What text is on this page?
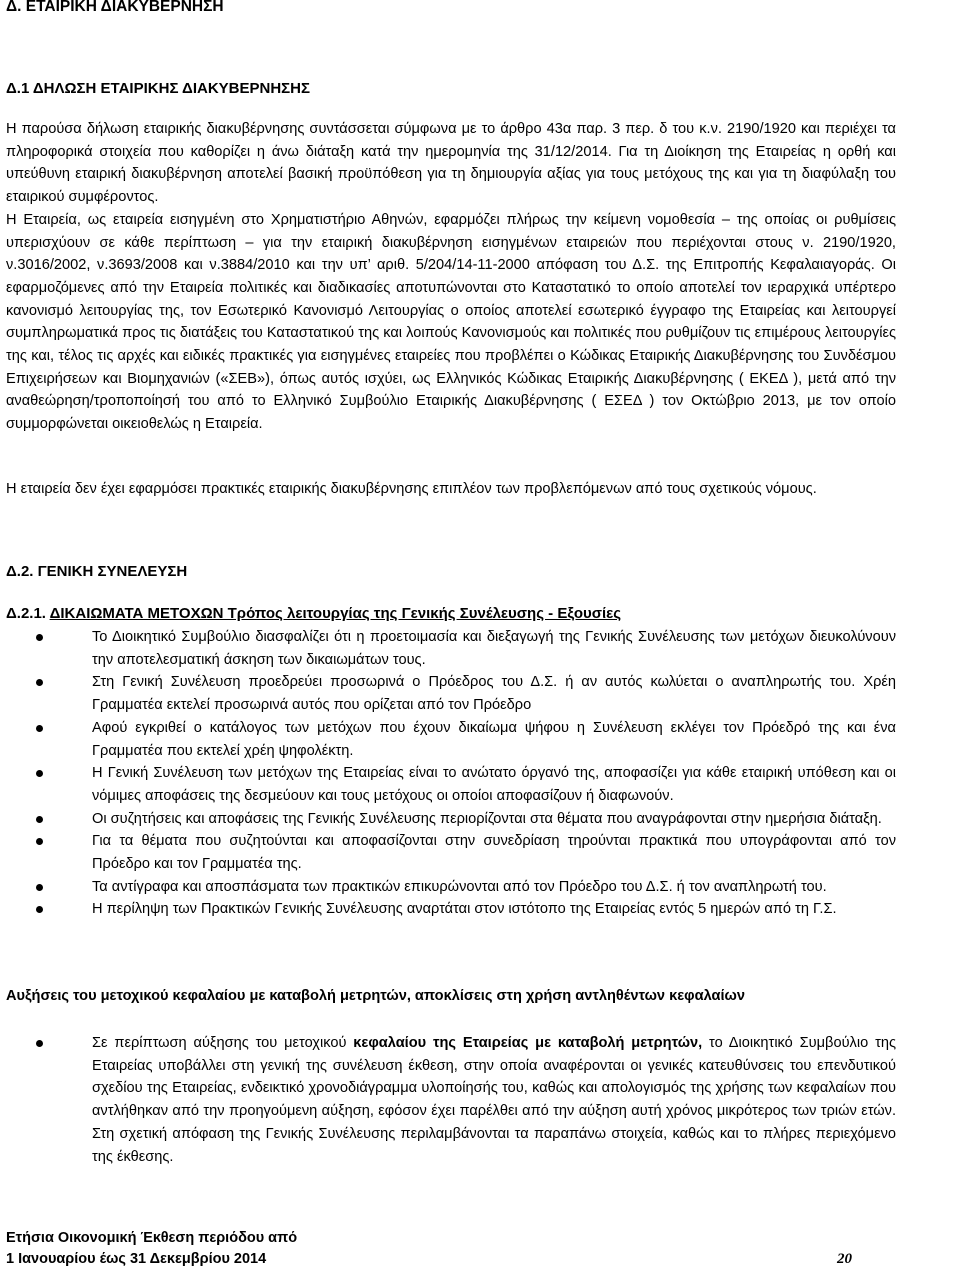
Δ. ΕΤΑΙΡΙΚΗ ΔΙΑΚΥΒΕΡΝΗΣΗ
Δ.1 ΔΗΛΩΣΗ ΕΤΑΙΡΙΚΗΣ ΔΙΑΚΥΒΕΡΝΗΣΗΣ

Η παρούσα δήλωση εταιρικής διακυβέρνησης συντάσσεται σύμφωνα με το άρθρο 43α παρ. 3 περ. δ του κ.ν. 2190/1920 και περιέχει τα πληροφορικά στοιχεία που καθορίζει η άνω διάταξη κατά την ημερομηνία της 31/12/2014. Για τη Διοίκηση της Εταιρείας η ορθή και υπεύθυνη εταιρική διακυβέρνηση αποτελεί βασική προϋπόθεση για τη δημιουργία αξίας για τους μετόχους της και για τη διαφύλαξη του εταιρικού συμφέροντος.
Η Εταιρεία, ως εταιρεία εισηγμένη στο Χρηματιστήριο Αθηνών, εφαρμόζει πλήρως την κείμενη νομοθεσία – της οποίας οι ρυθμίσεις υπερισχύουν σε κάθε περίπτωση – για την εταιρική διακυβέρνηση εισηγμένων εταιρειών που περιέχονται στους ν. 2190/1920, ν.3016/2002, ν.3693/2008 και ν.3884/2010 και την υπ’ αριθ. 5/204/14-11-2000 απόφαση του Δ.Σ. της Επιτροπής Κεφαλαιαγοράς. Οι εφαρμοζόμενες από την Εταιρεία πολιτικές και διαδικασίες αποτυπώνονται στο Καταστατικό το οποίο αποτελεί τον ιεραρχικά υπέρτερο κανονισμό λειτουργίας της, τον Εσωτερικό Κανονισμό Λειτουργίας ο οποίος αποτελεί εσωτερικό έγγραφο της Εταιρείας και λειτουργεί συμπληρωματικά προς τις διατάξεις του Καταστατικού της και λοιπούς Κανονισμούς και πολιτικές που ρυθμίζουν τις επιμέρους λειτουργίες της και, τέλος τις αρχές και ειδικές πρακτικές για εισηγμένες εταιρείες που προβλέπει ο Κώδικας Εταιρικής Διακυβέρνησης του Συνδέσμου Επιχειρήσεων και Βιομηχανιών («ΣΕΒ»), όπως αυτός ισχύει, ως Ελληνικός Κώδικας Εταιρικής Διακυβέρνησης ( ΕΚΕΔ ), μετά από την αναθεώρηση/τροποποίησή του από το Ελληνικό Συμβούλιο Εταιρικής Διακυβέρνησης ( ΕΣΕΔ ) τον Οκτώβριο 2013, με τον οποίο συμμορφώνεται οικειοθελώς η Εταιρεία.

Η εταιρεία δεν έχει εφαρμόσει πρακτικές εταιρικής διακυβέρνησης επιπλέον των προβλεπόμενων από τους σχετικούς νόμους.

Δ.2. ΓΕΝΙΚΗ ΣΥΝΕΛΕΥΣΗ
Δ.2.1. ΔΙΚΑΙΩΜΑΤΑ ΜΕΤΟΧΩΝ Τρόπος λειτουργίας της Γενικής Συνέλευσης - Εξουσίες
Το Διοικητικό Συμβούλιο διασφαλίζει ότι η προετοιμασία και διεξαγωγή της Γενικής Συνέλευσης των μετόχων διευκολύνουν την αποτελεσματική άσκηση των δικαιωμάτων τους.
Στη Γενική Συνέλευση προεδρεύει προσωρινά ο Πρόεδρος του Δ.Σ. ή αν αυτός κωλύεται ο αναπληρωτής του. Χρέη Γραμματέα εκτελεί προσωρινά αυτός που ορίζεται από τον Πρόεδρο
Αφού εγκριθεί ο κατάλογος των μετόχων που έχουν δικαίωμα ψήφου η Συνέλευση εκλέγει τον Πρόεδρό της και ένα Γραμματέα που εκτελεί χρέη ψηφολέκτη.
Η Γενική Συνέλευση των μετόχων της Εταιρείας είναι το ανώτατο όργανό της, αποφασίζει για κάθε εταιρική υπόθεση και οι νόμιμες αποφάσεις της δεσμεύουν και τους μετόχους οι οποίοι αποφασίζουν ή διαφωνούν.
Οι συζητήσεις και αποφάσεις της Γενικής Συνέλευσης περιορίζονται στα θέματα που αναγράφονται στην ημερήσια διάταξη.
Για τα θέματα που συζητούνται και αποφασίζονται στην συνεδρίαση τηρούνται πρακτικά που υπογράφονται από τον Πρόεδρο και τον Γραμματέα της.
Τα αντίγραφα και αποσπάσματα των πρακτικών επικυρώνονται από τον Πρόεδρο του Δ.Σ. ή τον αναπληρωτή του.
Η περίληψη των Πρακτικών Γενικής Συνέλευσης αναρτάται στον ιστότοπο της Εταιρείας εντός 5 ημερών από τη Γ.Σ.
Αυξήσεις του μετοχικού κεφαλαίου με καταβολή μετρητών, αποκλίσεις στη χρήση αντληθέντων κεφαλαίων
Σε περίπτωση αύξησης του μετοχικού κεφαλαίου της Εταιρείας με καταβολή μετρητών, το Διοικητικό Συμβούλιο της Εταιρείας υποβάλλει στη γενική της συνέλευση έκθεση, στην οποία αναφέρονται οι γενικές κατευθύνσεις του επενδυτικού σχεδίου της Εταιρείας, ενδεικτικό χρονοδιάγραμμα υλοποίησής του, καθώς και απολογισμός της χρήσης των κεφαλαίων που αντλήθηκαν από την προηγούμενη αύξηση, εφόσον έχει παρέλθει από την αύξηση αυτή χρόνος μικρότερος των τριών ετών. Στη σχετική απόφαση της Γενικής Συνέλευσης περιλαμβάνονται τα παραπάνω στοιχεία, καθώς και το πλήρες περιεχόμενο της έκθεσης.
Ετήσια Οικονομική Έκθεση περιόδου από
1 Ιανουαρίου έως 31 Δεκεμβρίου 2014	20
